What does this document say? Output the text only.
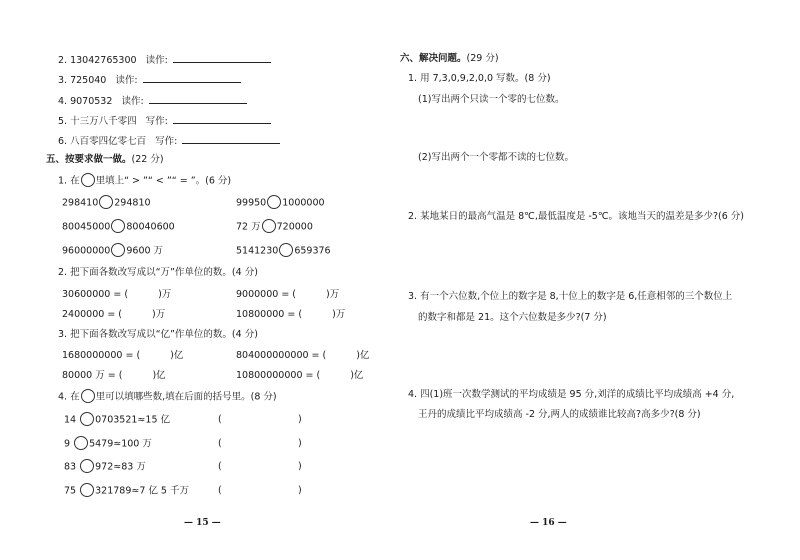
2. 13042765300 读作:
3. 725040 读作:
4. 9070532 读作:
5. 十三万八千零四 写作:
6. 八百零四亿零七百 写作:
五、按要求做一做。(22 分)
1. 在 里填上“ > ”“ < ”“ = ”。(6 分)
298410 294810	99950 1000000
80045000 80040600	72 万 720000
96000000 9600 万	5141230 659376
2. 把下面各数改写成以“万”作单位的数。(4 分)
30600000 = (	)万	9000000 = (	)万
2400000 = (	)万	10800000 = (	)万
3. 把下面各数改写成以“亿”作单位的数。(4 分)
1680000000 = (	)亿	804000000000 = (	)亿
80000 万 = (	)亿	10800000000 = (	)亿
4. 在 里可以填哪些数,填在后面的括号里。(8 分)
14 0703521≈15 亿	(	)
9 5479≈100 万	(	)
83 972≈83 万	(	)
75 321789≈7 亿 5 千万	(	)
— 15 —
六、解决问题。(29 分)
1. 用 7,3,0,9,2,0,0 写数。(8 分)
(1)写出两个只读一个零的七位数。
(2)写出两个一个零都不读的七位数。
2. 某地某日的最高气温是 8℃,最低温度是 -5℃。该地当天的温差是多少?(6 分)
3. 有一个六位数,个位上的数字是 8,十位上的数字是 6,任意相邻的三个数位上
的数字和都是 21。这个六位数是多少?(7 分)
4. 四(1)班一次数学测试的平均成绩是 95 分,刘洋的成绩比平均成绩高 +4 分,
王丹的成绩比平均成绩高 -2 分,两人的成绩谁比较高?高多少?(8 分)
— 16 —
